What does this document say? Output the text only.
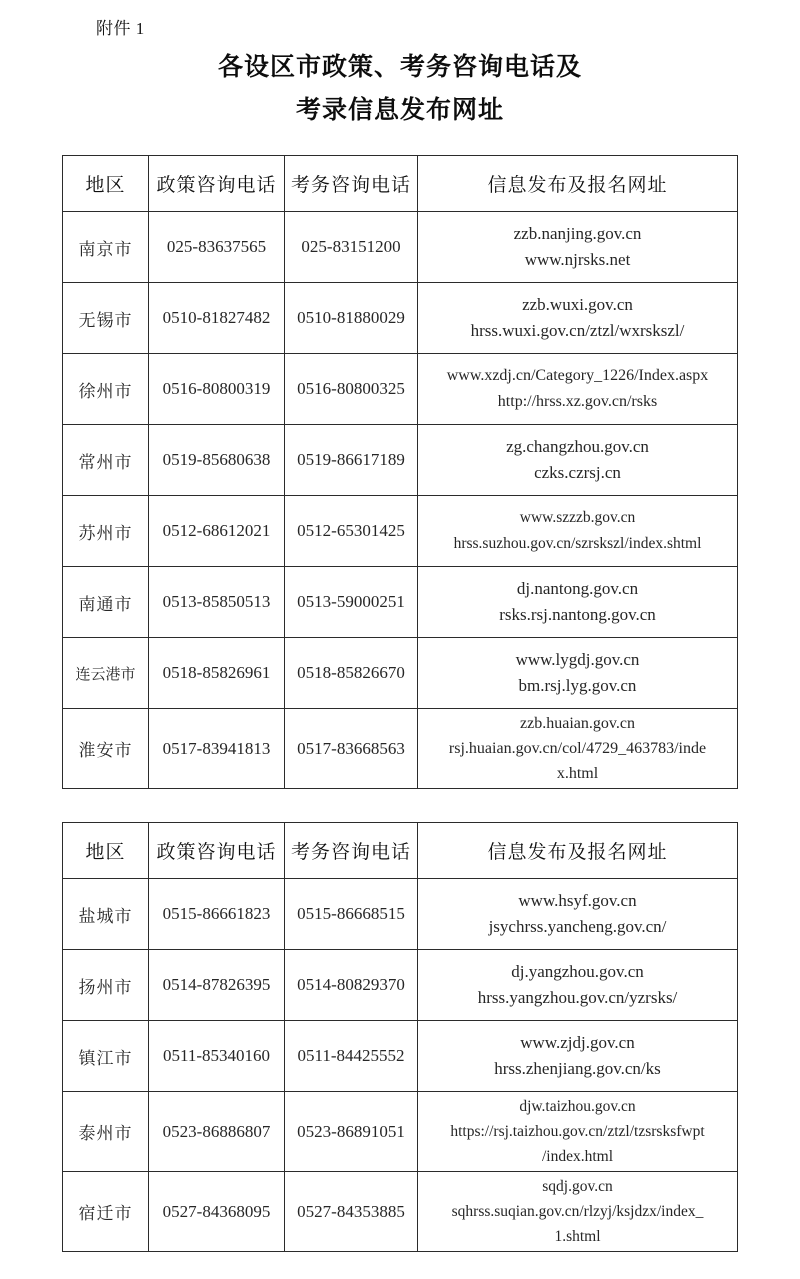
附件 1
各设区市政策、考务咨询电话及
考录信息发布网址
地区	政策咨询电话	考务咨询电话	信息发布及报名网址
南京市	025-83637565	025-83151200	zzb.nanjing.gov.cn
www.njrsks.net

无锡市	0510-81827482	0510-81880029	zzb.wuxi.gov.cn
hrss.wuxi.gov.cn/ztzl/wxrskszl/

徐州市	0516-80800319	0516-80800325	www.xzdj.cn/Category_1226/Index.aspx
http://hrss.xz.gov.cn/rsks

常州市	0519-85680638	0519-86617189	zg.changzhou.gov.cn
czks.czrsj.cn

苏州市	0512-68612021	0512-65301425	www.szzzb.gov.cn
hrss.suzhou.gov.cn/szrskszl/index.shtml

南通市	0513-85850513	0513-59000251	dj.nantong.gov.cn
rsks.rsj.nantong.gov.cn

连云港市	0518-85826961	0518-85826670	www.lygdj.gov.cn
bm.rsj.lyg.gov.cn

淮安市	0517-83941813	0517-83668563	zzb.huaian.gov.cn
rsj.huaian.gov.cn/col/4729_463783/inde
x.html
地区	政策咨询电话	考务咨询电话	信息发布及报名网址
盐城市	0515-86661823	0515-86668515	www.hsyf.gov.cn
jsychrss.yancheng.gov.cn/

扬州市	0514-87826395	0514-80829370	dj.yangzhou.gov.cn
hrss.yangzhou.gov.cn/yzrsks/

镇江市	0511-85340160	0511-84425552	www.zjdj.gov.cn
hrss.zhenjiang.gov.cn/ks

泰州市	0523-86886807	0523-86891051	djw.taizhou.gov.cn
https://rsj.taizhou.gov.cn/ztzl/tzsrsksfwpt
/index.html

宿迁市	0527-84368095	0527-84353885	sqdj.gov.cn
sqhrss.suqian.gov.cn/rlzyj/ksjdzx/index_
1.shtml
